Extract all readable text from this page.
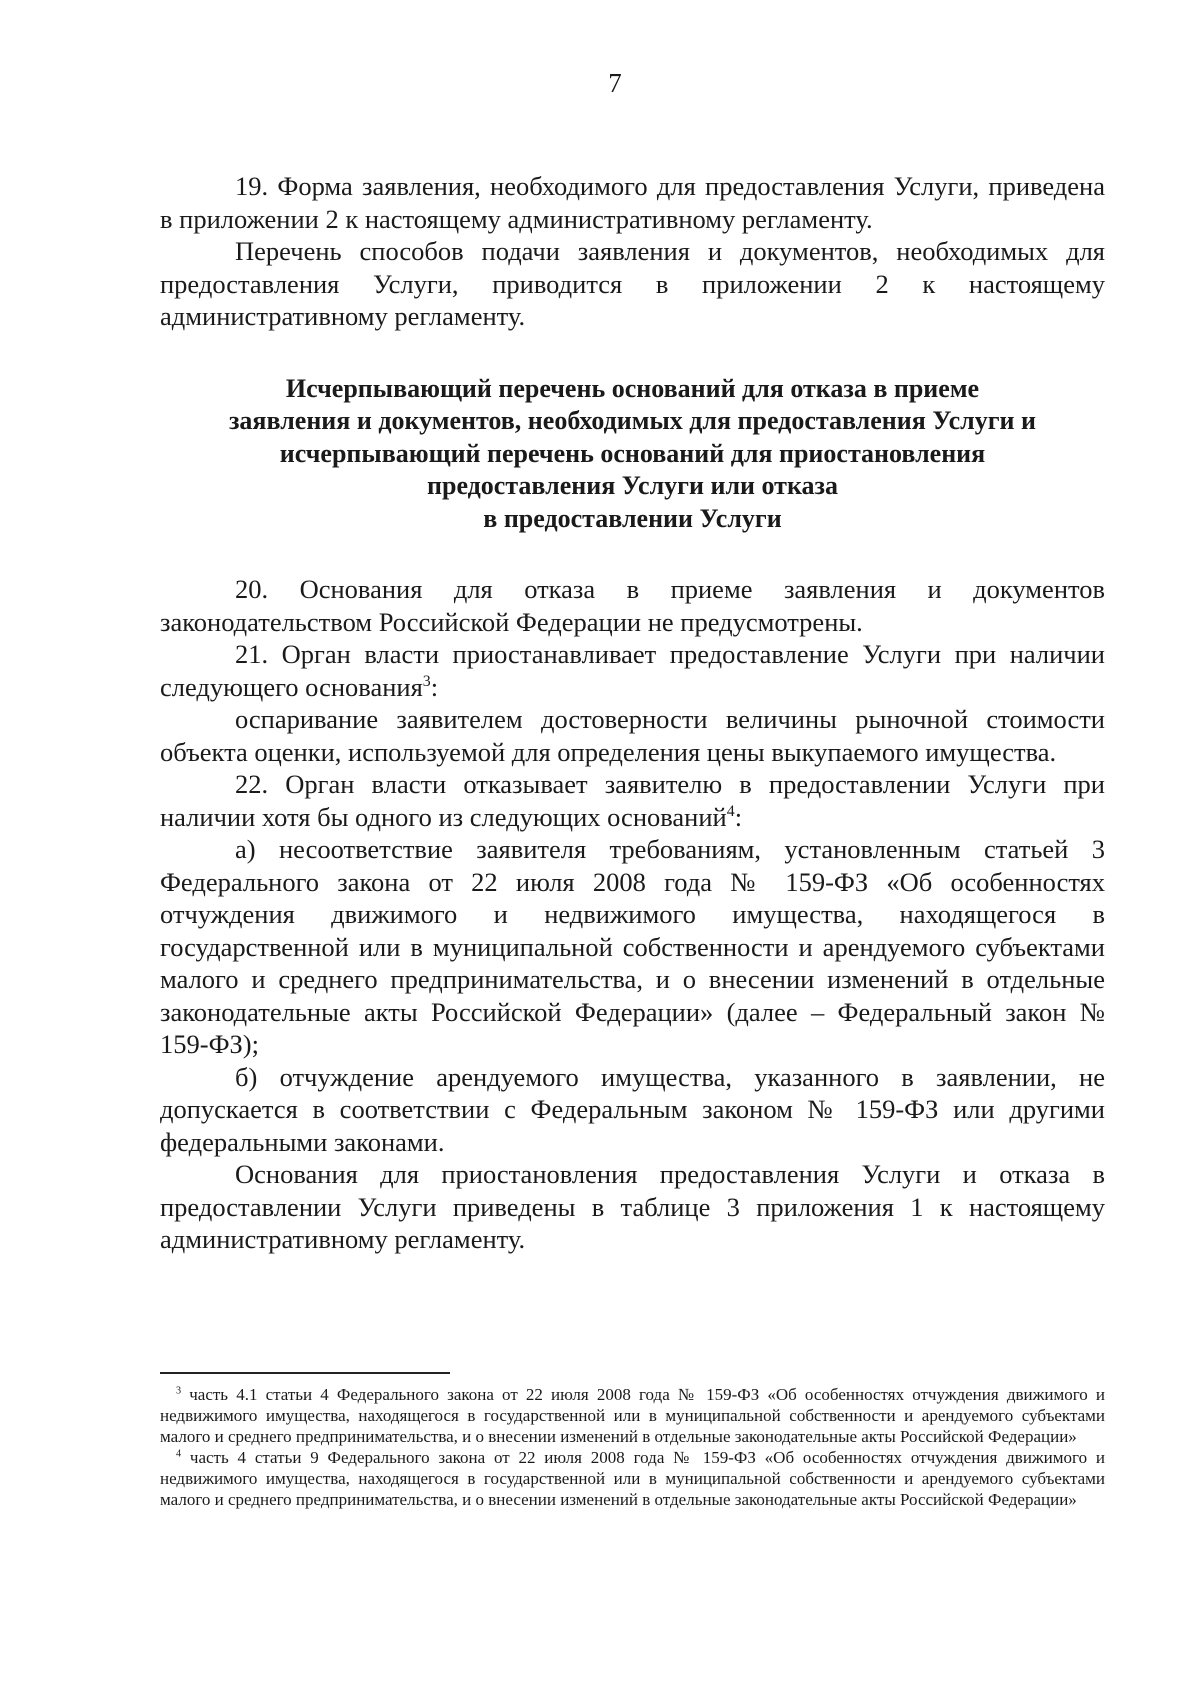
7

19. Форма заявления, необходимого для предоставления Услуги, приведена в приложении 2 к настоящему административному регламенту.

Перечень способов подачи заявления и документов, необходимых для предоставления Услуги, приводится в приложении 2 к настоящему административному регламенту.

Исчерпывающий перечень оснований для отказа в приеме
заявления и документов, необходимых для предоставления Услуги и
исчерпывающий перечень оснований для приостановления
предоставления Услуги или отказа
в предоставлении Услуги

20. Основания для отказа в приеме заявления и документов законодательством Российской Федерации не предусмотрены.

21. Орган власти приостанавливает предоставление Услуги при наличии следующего основания$^3$:

оспаривание заявителем достоверности величины рыночной стоимости объекта оценки, используемой для определения цены выкупаемого имущества.

22. Орган власти отказывает заявителю в предоставлении Услуги при наличии хотя бы одного из следующих оснований$^4$:

а) несоответствие заявителя требованиям, установленным статьей 3 Федерального закона от 22 июля 2008 года № 159-ФЗ «Об особенностях отчуждения движимого и недвижимого имущества, находящегося в государственной или в муниципальной собственности и арендуемого субъектами малого и среднего предпринимательства, и о внесении изменений в отдельные законодательные акты Российской Федерации» (далее – Федеральный закон № 159-ФЗ);

б) отчуждение арендуемого имущества, указанного в заявлении, не допускается в соответствии с Федеральным законом № 159-ФЗ или другими федеральными законами.

Основания для приостановления предоставления Услуги и отказа в предоставлении Услуги приведены в таблице 3 приложения 1 к настоящему административному регламенту.

$^3$ часть 4.1 статьи 4 Федерального закона от 22 июля 2008 года № 159-ФЗ «Об особенностях отчуждения движимого и недвижимого имущества, находящегося в государственной или в муниципальной собственности и арендуемого субъектами малого и среднего предпринимательства, и о внесении изменений в отдельные законодательные акты Российской Федерации»

$^4$ часть 4 статьи 9 Федерального закона от 22 июля 2008 года № 159-ФЗ «Об особенностях отчуждения движимого и недвижимого имущества, находящегося в государственной или в муниципальной собственности и арендуемого субъектами малого и среднего предпринимательства, и о внесении изменений в отдельные законодательные акты Российской Федерации»
